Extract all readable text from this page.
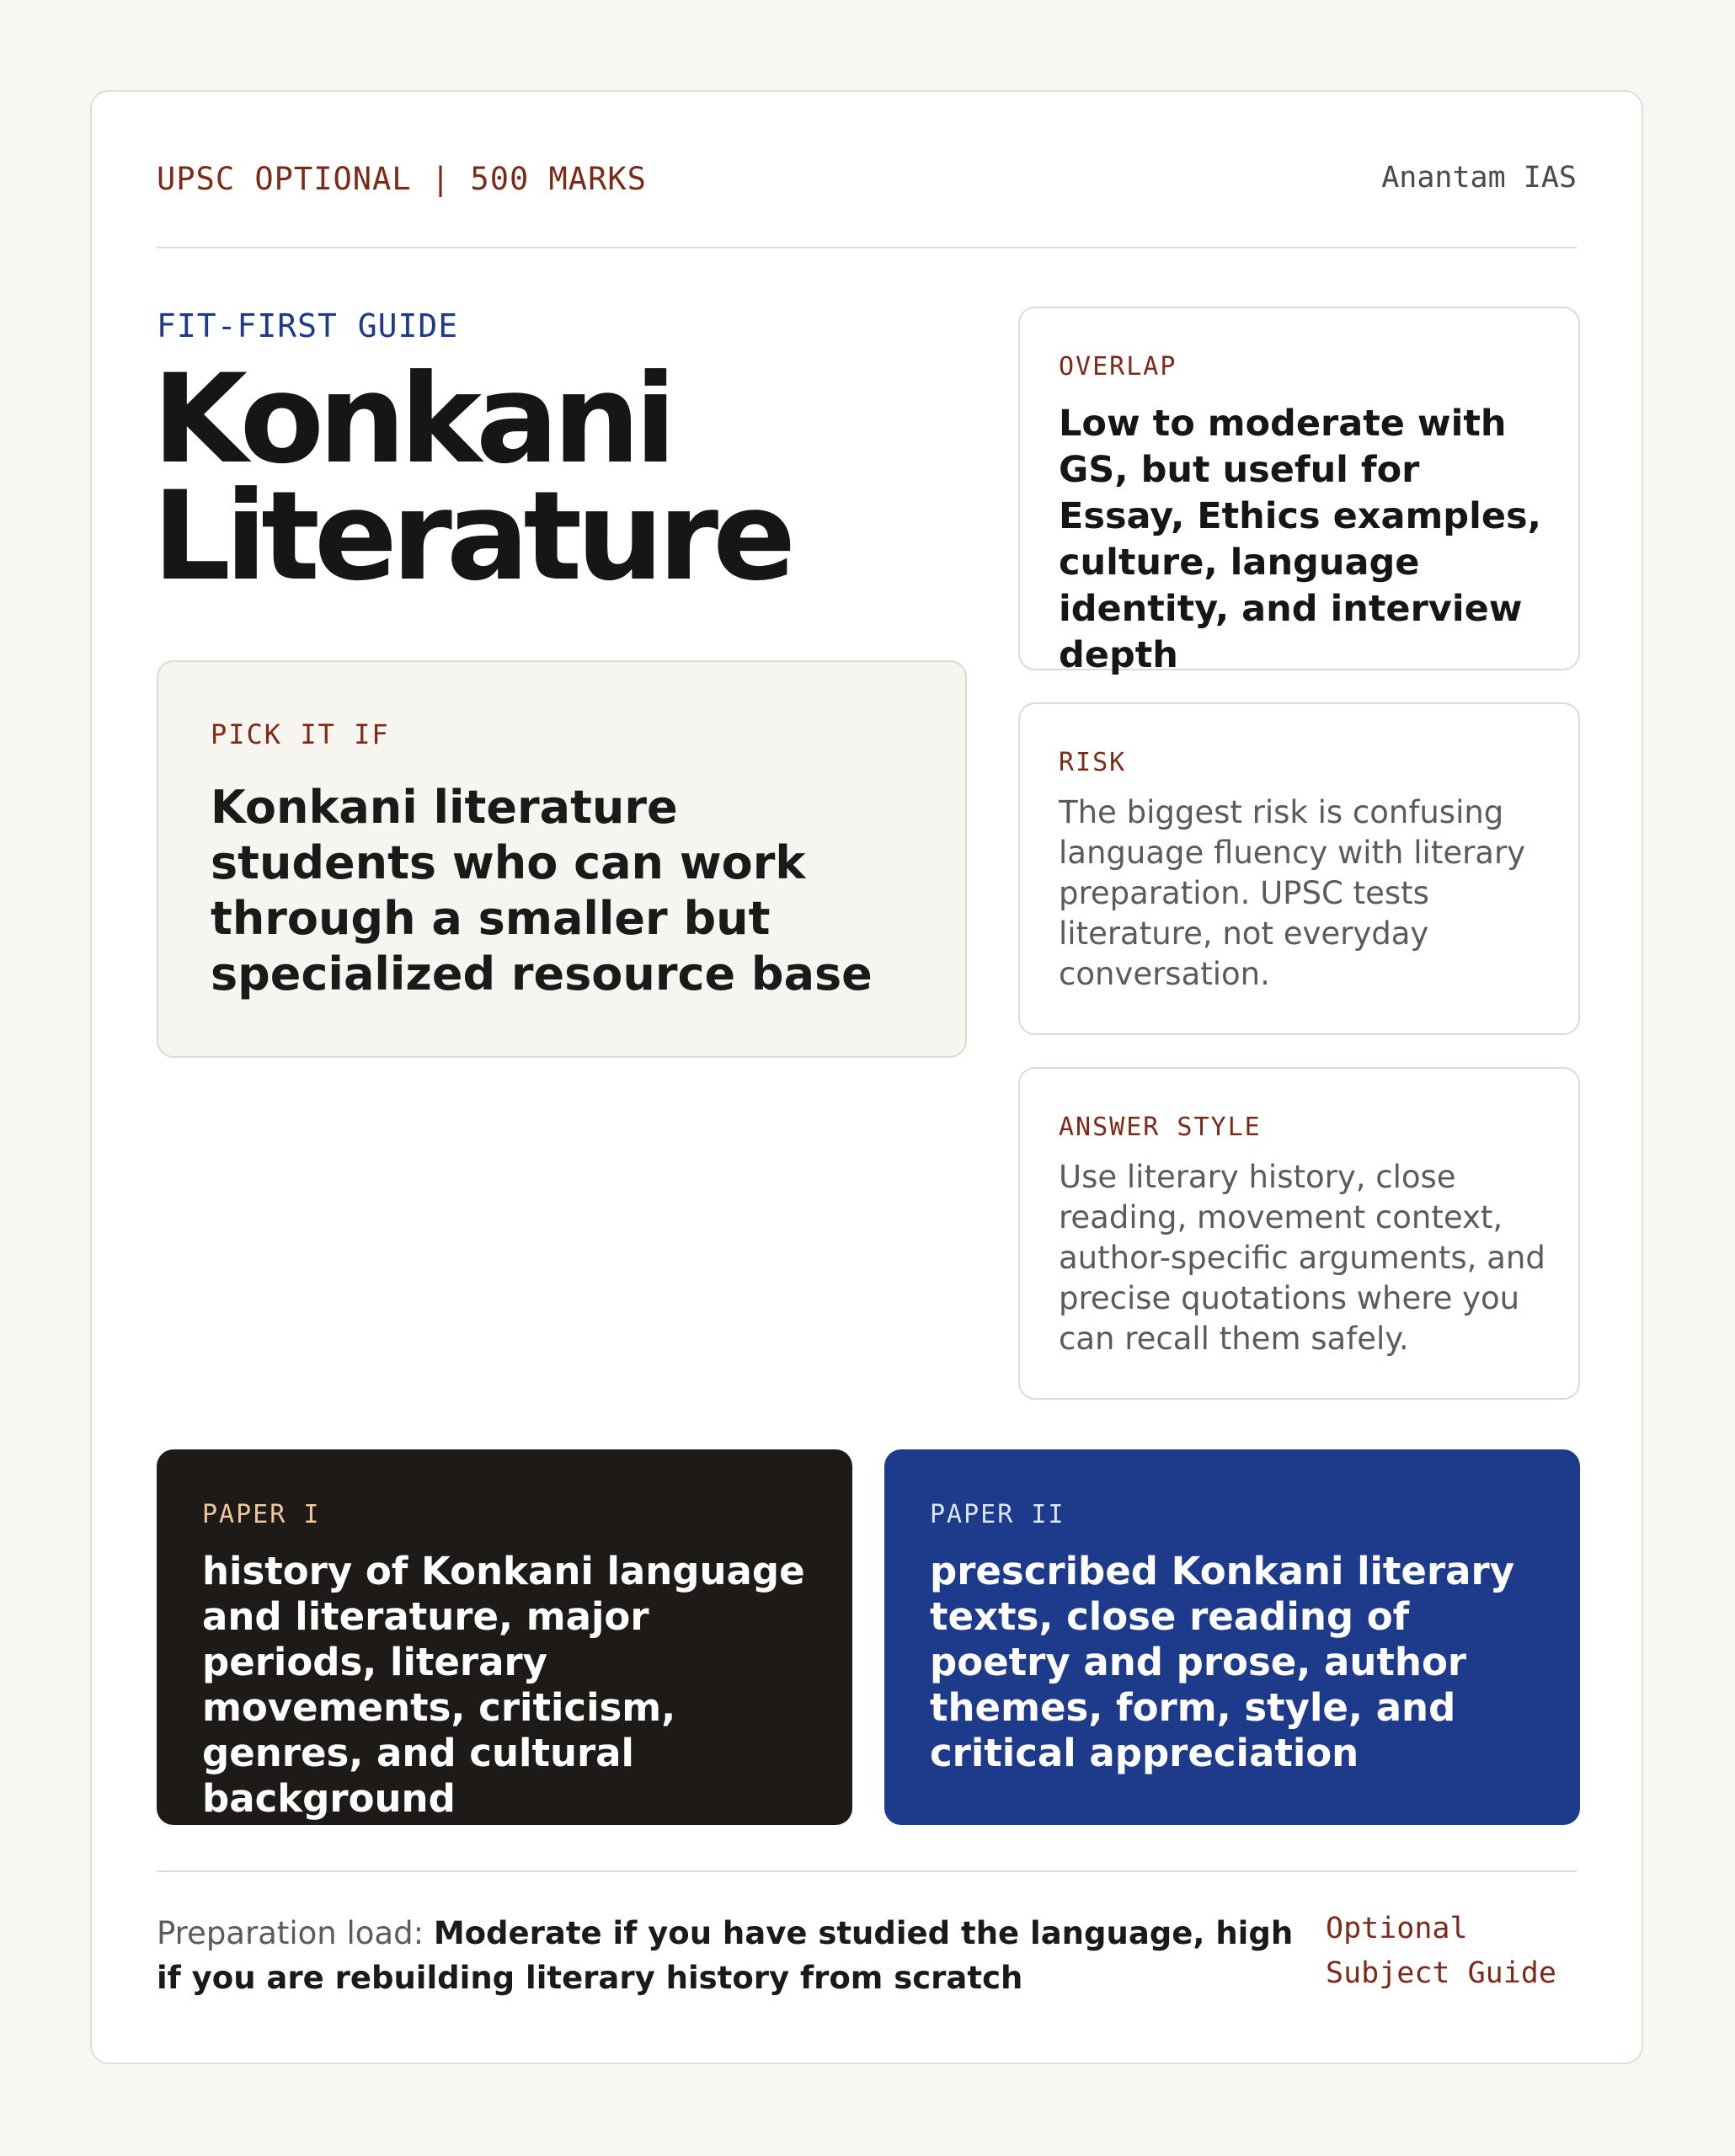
UPSC OPTIONAL | 500 MARKS	Anantam IAS
FIT-FIRST GUIDE
Konkani Literature
PICK IT IF
Konkani literature students who can work through a smaller but specialized resource base
OVERLAP
Low to moderate with GS, but useful for Essay, Ethics examples, culture, language identity, and interview depth
RISK
The biggest risk is confusing language fluency with literary preparation. UPSC tests literature, not everyday conversation.
ANSWER STYLE
Use literary history, close reading, movement context, author-specific arguments, and precise quotations where you can recall them safely.
PAPER I
history of Konkani language and literature, major periods, literary movements, criticism, genres, and cultural background
PAPER II
prescribed Konkani literary texts, close reading of poetry and prose, author themes, form, style, and critical appreciation
Preparation load: Moderate if you have studied the language, high if you are rebuilding literary history from scratch
Optional Subject Guide
